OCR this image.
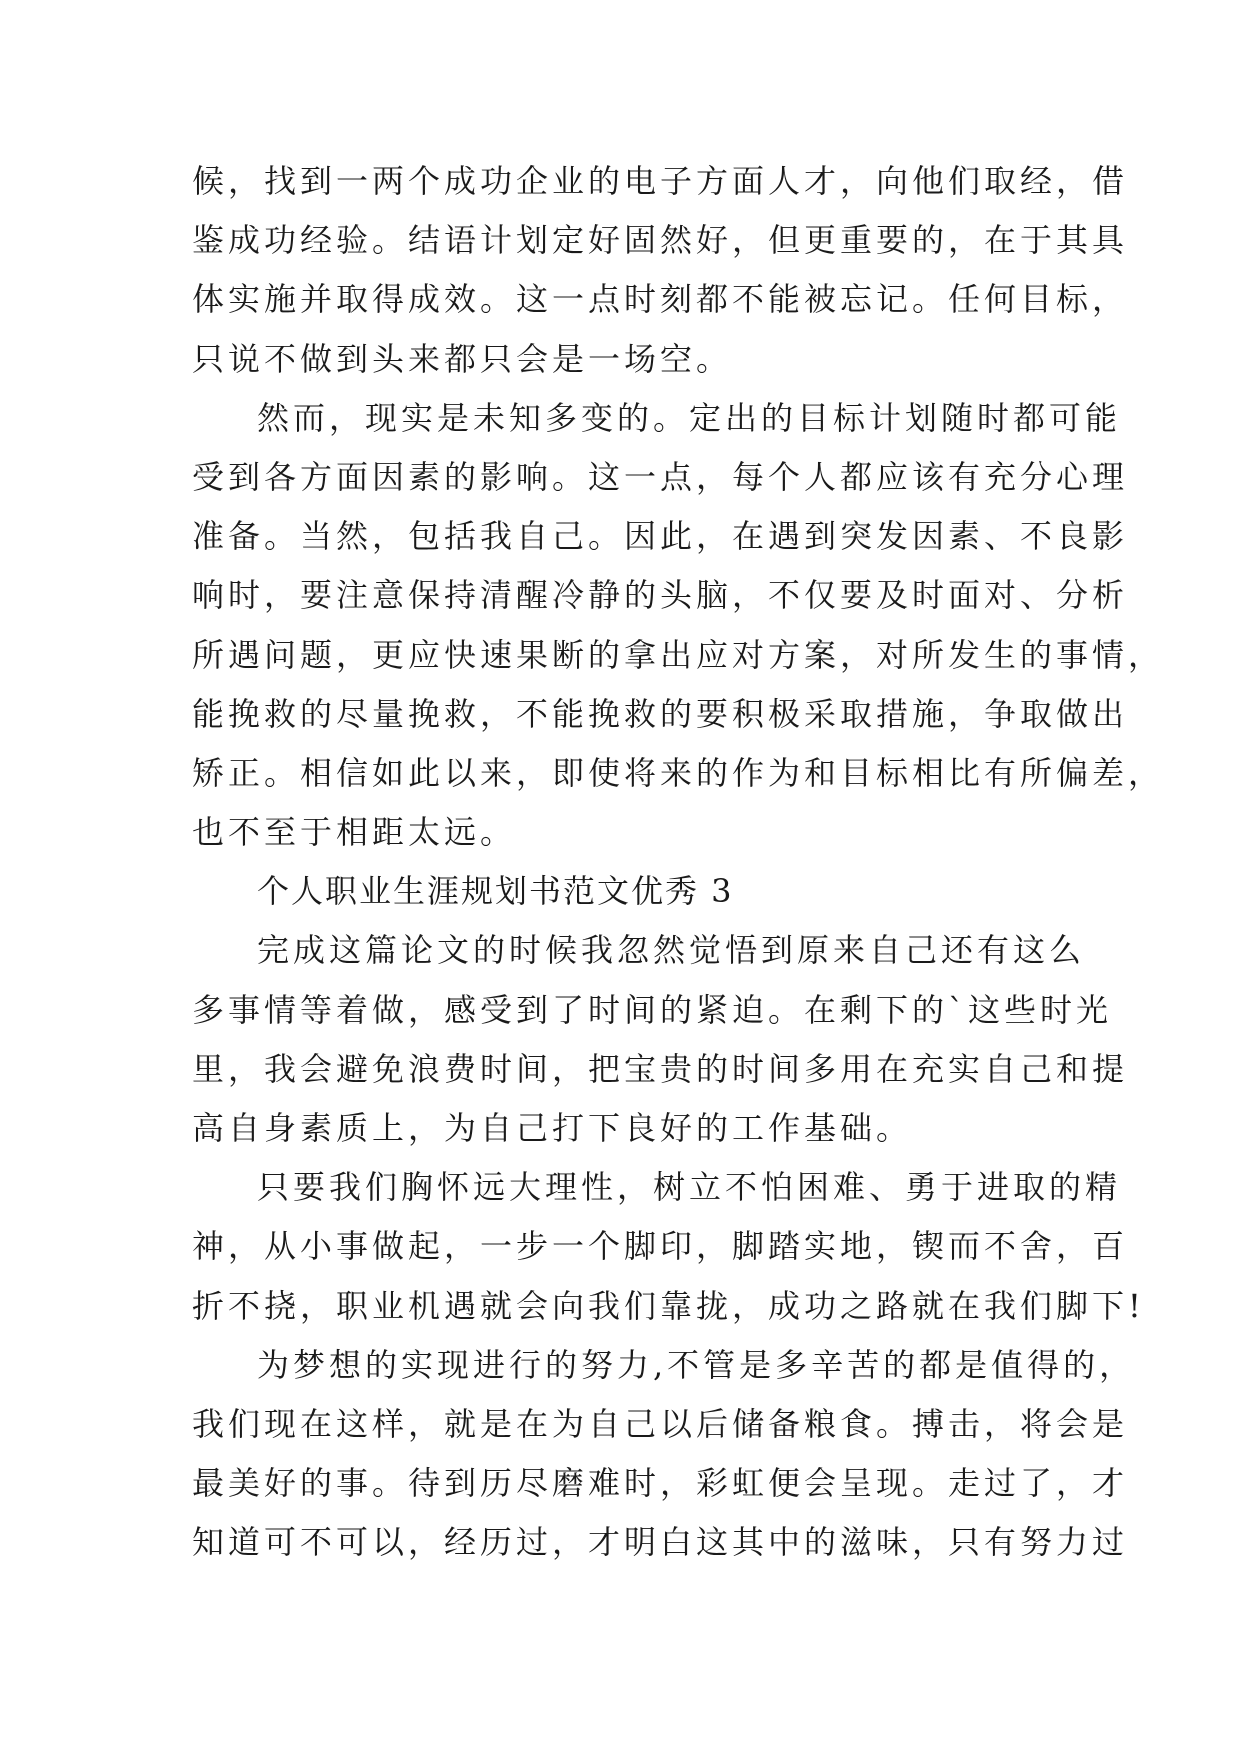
候，找到一两个成功企业的电子方面人才，向他们取经，借
鉴成功经验。结语计划定好固然好，但更重要的，在于其具
体实施并取得成效。这一点时刻都不能被忘记。任何目标，
只说不做到头来都只会是一场空。
然而，现实是未知多变的。定出的目标计划随时都可能
受到各方面因素的影响。这一点，每个人都应该有充分心理
准备。当然，包括我自己。因此，在遇到突发因素、不良影
响时，要注意保持清醒冷静的头脑，不仅要及时面对、分析
所遇问题，更应快速果断的拿出应对方案，对所发生的事情，
能挽救的尽量挽救，不能挽救的要积极采取措施，争取做出
矫正。相信如此以来，即使将来的作为和目标相比有所偏差，
也不至于相距太远。
个人职业生涯规划书范文优秀 3
完成这篇论文的时候我忽然觉悟到原来自己还有这么
多事情等着做，感受到了时间的紧迫。在剩下的`这些时光
里，我会避免浪费时间，把宝贵的时间多用在充实自己和提
高自身素质上，为自己打下良好的工作基础。
只要我们胸怀远大理性，树立不怕困难、勇于进取的精
神，从小事做起，一步一个脚印，脚踏实地，锲而不舍，百
折不挠，职业机遇就会向我们靠拢，成功之路就在我们脚下!
为梦想的实现进行的努力,不管是多辛苦的都是值得的，
我们现在这样，就是在为自己以后储备粮食。搏击，将会是
最美好的事。待到历尽磨难时，彩虹便会呈现。走过了，才
知道可不可以，经历过，才明白这其中的滋味，只有努力过
